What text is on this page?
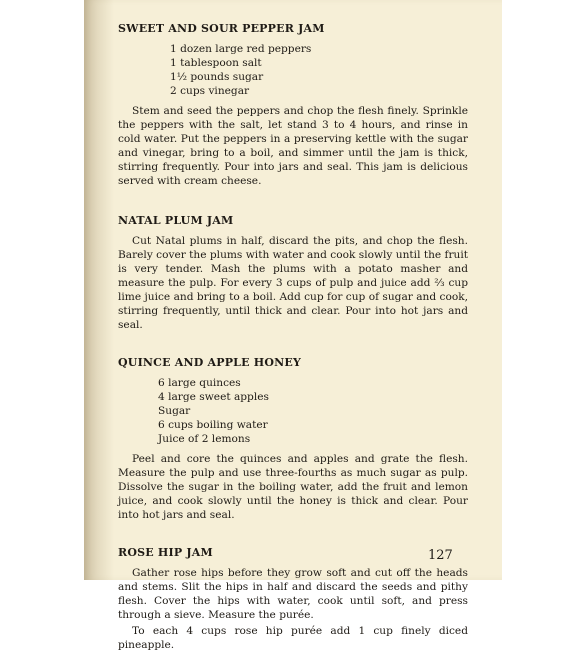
SWEET AND SOUR PEPPER JAM
1 dozen large red peppers
1 tablespoon salt
1½ pounds sugar
2 cups vinegar

Stem and seed the peppers and chop the flesh finely. Sprinkle the peppers with the salt, let stand 3 to 4 hours, and rinse in cold water. Put the peppers in a preserving kettle with the sugar and vinegar, bring to a boil, and simmer until the jam is thick, stirring frequently. Pour into jars and seal. This jam is delicious served with cream cheese.

NATAL PLUM JAM

Cut Natal plums in half, discard the pits, and chop the flesh. Barely cover the plums with water and cook slowly until the fruit is very tender. Mash the plums with a potato masher and measure the pulp. For every 3 cups of pulp and juice add ⅔ cup lime juice and bring to a boil. Add cup for cup of sugar and cook, stirring frequently, until thick and clear. Pour into hot jars and seal.

QUINCE AND APPLE HONEY
6 large quinces
4 large sweet apples
Sugar
6 cups boiling water
Juice of 2 lemons

Peel and core the quinces and apples and grate the flesh. Measure the pulp and use three-fourths as much sugar as pulp. Dissolve the sugar in the boiling water, add the fruit and lemon juice, and cook slowly until the honey is thick and clear. Pour into hot jars and seal.

ROSE HIP JAM

Gather rose hips before they grow soft and cut off the heads and stems. Slit the hips in half and discard the seeds and pithy flesh. Cover the hips with water, cook until soft, and press through a sieve. Measure the purée.

To each 4 cups rose hip purée add 1 cup finely diced pineapple.

127
